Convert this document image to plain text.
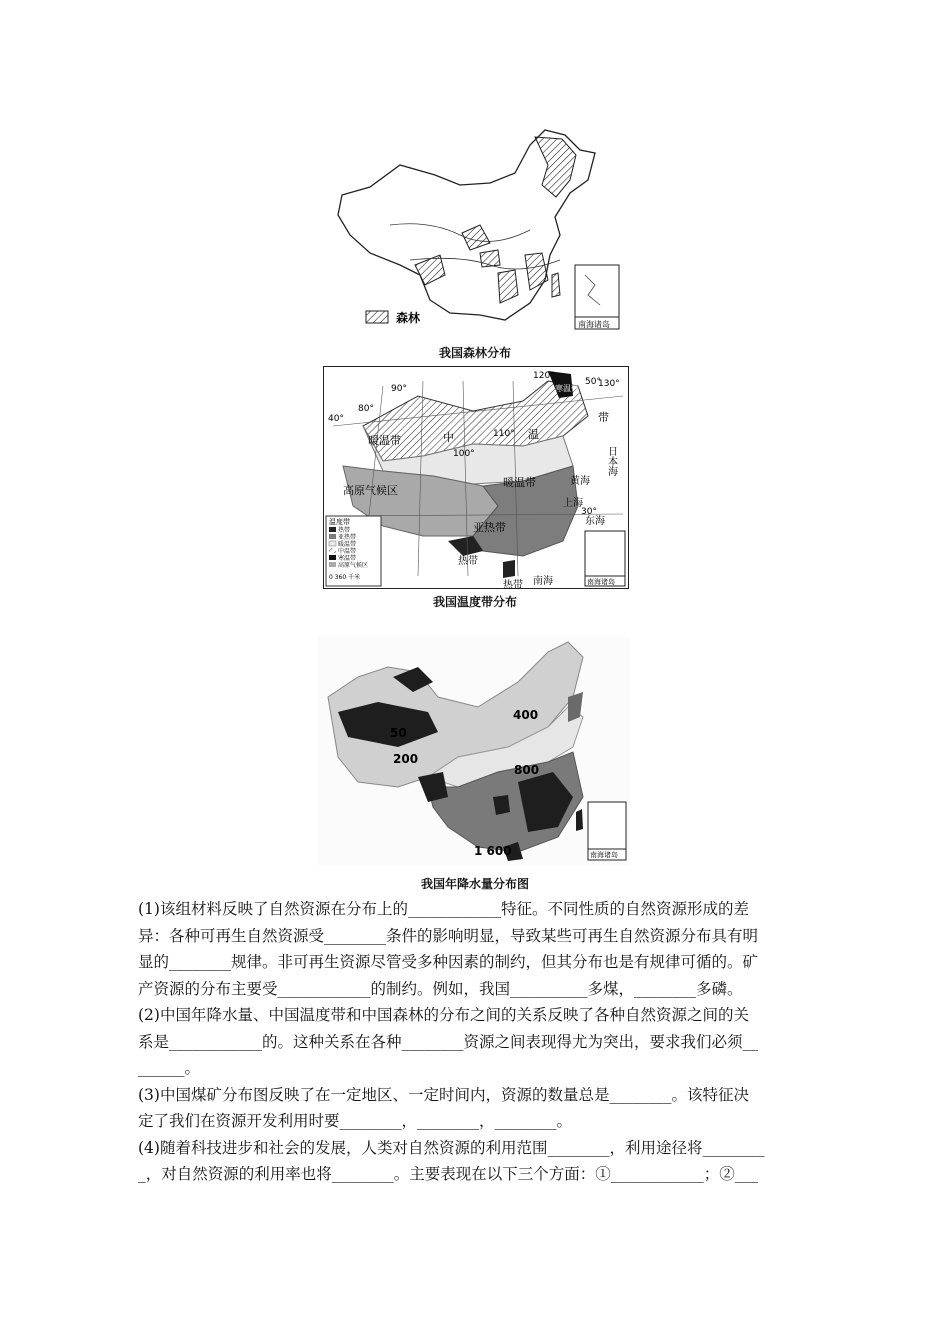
森林	南海诸岛
我国森林分布
寒温带
暖温带	中	温
带
高原气候区
暖温带
亚热带
热带
热带
黄海
上海
东海
南海
日本海
40°
80°
90°
100°
110°
120°
130°
50°
30°
温度带
热带
亚热带
暖温带
中温带
寒温带
高原气候区
0 360 千米
南海诸岛
我国温度带分布
400
50
200
800
1 600	南海诸岛
我国年降水量分布图

(1)该组材料反映了自然资源在分布上的____________特征。不同性质的自然资源形成的差

异：各种可再生自然资源受________条件的影响明显，导致某些可再生自然资源分布具有明

显的________规律。非可再生资源尽管受多种因素的制约，但其分布也是有规律可循的。矿

产资源的分布主要受____________的制约。例如，我国__________多煤，________多磷。

(2)中国年降水量、中国温度带和中国森林的分布之间的关系反映了各种自然资源之间的关

系是____________的。这种关系在各种________资源之间表现得尤为突出，要求我们必须__

______。

(3)中国煤矿分布图反映了在一定地区、一定时间内，资源的数量总是________。该特征决

定了我们在资源开发利用时要________，________，________。

(4)随着科技进步和社会的发展，人类对自然资源的利用范围________，利用途径将________

_，对自然资源的利用率也将________。主要表现在以下三个方面：①____________；②___
